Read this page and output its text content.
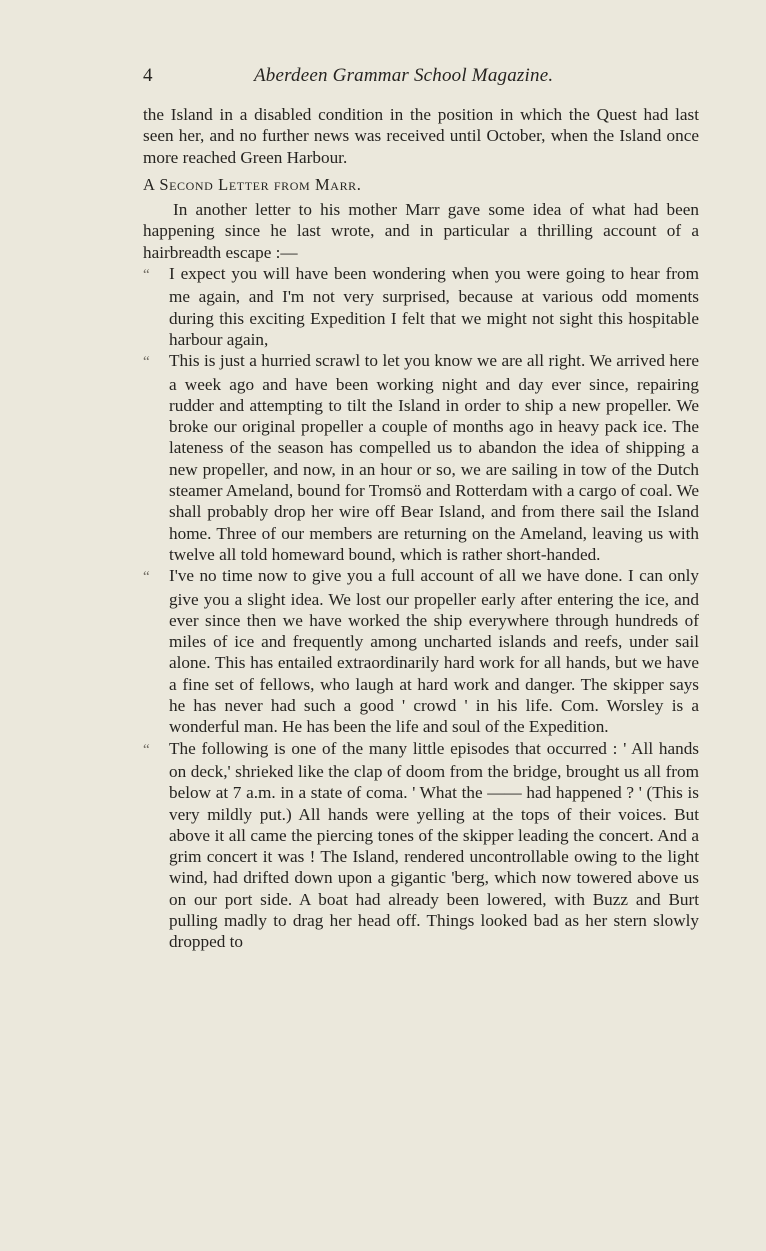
4	Aberdeen Grammar School Magazine.

the Island in a disabled condition in the position in which the Quest had last seen her, and no further news was received until October, when the Island once more reached Green Harbour.

A Second Letter from Marr.

In another letter to his mother Marr gave some idea of what had been happening since he last wrote, and in particular a thrilling account of a hairbreadth escape :—

“ I expect you will have been wondering when you were going to hear from me again, and I'm not very surprised, because at various odd moments during this exciting Expedition I felt that we might not sight this hospitable harbour again,

“ This is just a hurried scrawl to let you know we are all right. We arrived here a week ago and have been working night and day ever since, repairing rudder and attempting to tilt the Island in order to ship a new propeller. We broke our original propeller a couple of months ago in heavy pack ice. The lateness of the season has compelled us to abandon the idea of shipping a new propeller, and now, in an hour or so, we are sailing in tow of the Dutch steamer Ameland, bound for Tromsö and Rotterdam with a cargo of coal. We shall probably drop her wire off Bear Island, and from there sail the Island home. Three of our members are returning on the Ameland, leaving us with twelve all told homeward bound, which is rather short-handed.

“ I've no time now to give you a full account of all we have done. I can only give you a slight idea. We lost our propeller early after entering the ice, and ever since then we have worked the ship everywhere through hundreds of miles of ice and frequently among uncharted islands and reefs, under sail alone. This has entailed extraordinarily hard work for all hands, but we have a fine set of fellows, who laugh at hard work and danger. The skipper says he has never had such a good ' crowd ' in his life. Com. Worsley is a wonderful man. He has been the life and soul of the Expedition.

“ The following is one of the many little episodes that occurred : ' All hands on deck,' shrieked like the clap of doom from the bridge, brought us all from below at 7 a.m. in a state of coma. ' What the —— had happened ? ' (This is very mildly put.) All hands were yelling at the tops of their voices. But above it all came the piercing tones of the skipper leading the concert. And a grim concert it was ! The Island, rendered uncontrollable owing to the light wind, had drifted down upon a gigantic 'berg, which now towered above us on our port side. A boat had already been lowered, with Buzz and Burt pulling madly to drag her head off. Things looked bad as her stern slowly dropped to
